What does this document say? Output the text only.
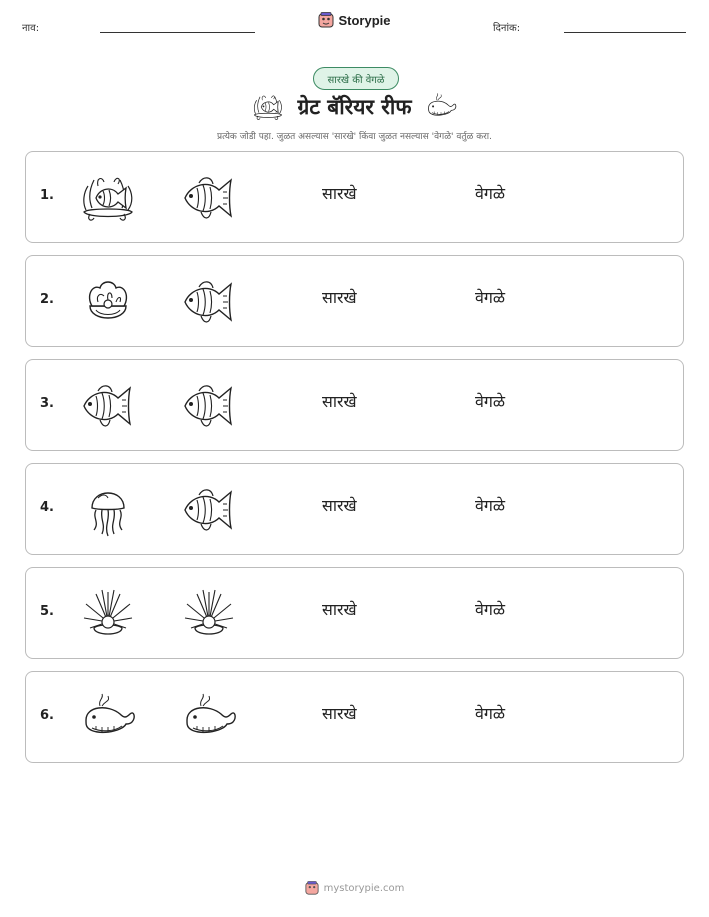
नाव:
Storypie
दिनांक:
सारखे की वेगळे
ग्रेट बॅरियर रीफ
प्रत्येक जोडी पहा. जुळत असल्यास 'सारखे' किंवा जुळत नसल्यास 'वेगळे' वर्तुळ करा.
1.	सारखे	वेगळे
2.	सारखे	वेगळे
3.	सारखे	वेगळे
4.	सारखे	वेगळे
5.	सारखे	वेगळे
6.	सारखे	वेगळे
mystorypie.com
